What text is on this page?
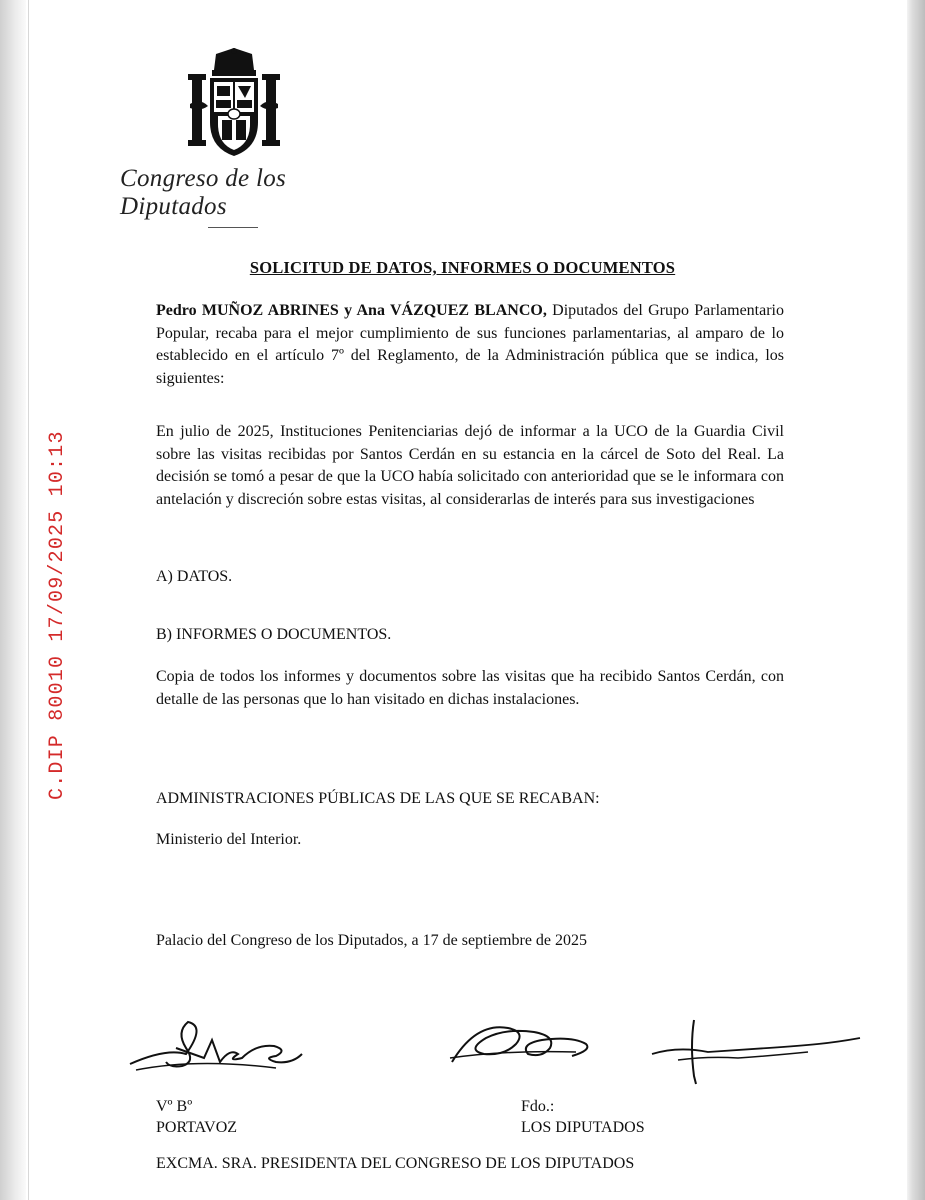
C.DIP 80010 17/09/2025 10:13
Congreso de los Diputados
SOLICITUD DE DATOS, INFORMES O DOCUMENTOS

Pedro MUÑOZ ABRINES y Ana VÁZQUEZ BLANCO, Diputados del Grupo Parlamentario Popular, recaba para el mejor cumplimiento de sus funciones parlamentarias, al amparo de lo establecido en el artículo 7º del Reglamento, de la Administración pública que se indica, los siguientes:

En julio de 2025, Instituciones Penitenciarias dejó de informar a la UCO de la Guardia Civil sobre las visitas recibidas por Santos Cerdán en su estancia en la cárcel de Soto del Real. La decisión se tomó a pesar de que la UCO había solicitado con anterioridad que se le informara con antelación y discreción sobre estas visitas, al considerarlas de interés para sus investigaciones

A) DATOS.

B) INFORMES O DOCUMENTOS.

Copia de todos los informes y documentos sobre las visitas que ha recibido Santos Cerdán, con detalle de las personas que lo han visitado en dichas instalaciones.

ADMINISTRACIONES PÚBLICAS DE LAS QUE SE RECABAN:

Ministerio del Interior.

Palacio del Congreso de los Diputados, a 17 de septiembre de 2025

Vº Bº
PORTAVOZ
Fdo.:
LOS DIPUTADOS

EXCMA. SRA. PRESIDENTA DEL CONGRESO DE LOS DIPUTADOS
